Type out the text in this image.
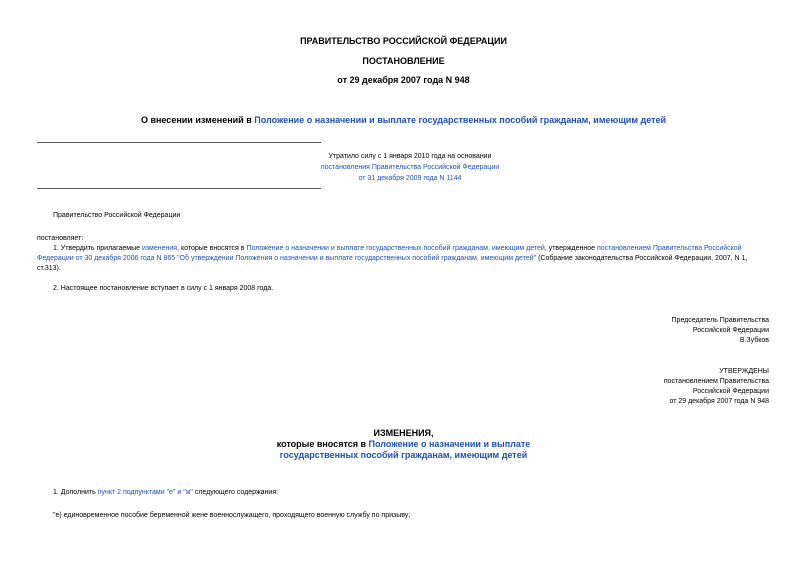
ПРАВИТЕЛЬСТВО РОССИЙСКОЙ ФЕДЕРАЦИИ
ПОСТАНОВЛЕНИЕ
от 29 декабря 2007 года N 948
О внесении изменений в Положение о назначении и выплате государственных пособий гражданам, имеющим детей
Утратило силу с 1 января 2010 года на основании
постановления Правительства Российской Федерации
от 31 декабря 2009 года N 1144
Правительство Российской Федерации
постановляет:
1. Утвердить прилагаемые изменения, которые вносятся в Положение о назначении и выплате государственных пособий гражданам, имеющим детей, утвержденное постановлением Правительства Российской
Федерации от 30 декабря 2006 года N 865 "Об утверждении Положения о назначении и выплате государственных пособий гражданам, имеющим детей" (Собрание законодательства Российской Федерации, 2007, N 1,
ст.313).
2. Настоящее постановление вступает в силу с 1 января 2008 года.
Председатель Правительства
Российской Федерации
В.Зубков
УТВЕРЖДЕНЫ
постановлением Правительства
Российской Федерации
от 29 декабря 2007 года N 948
ИЗМЕНЕНИЯ,
которые вносятся в Положение о назначении и выплате
государственных пособий гражданам, имеющим детей
1. Дополнить пункт 2 подпунктами "е" и "ж" следующего содержания:
"е) единовременное пособие беременной жене военнослужащего, проходящего военную службу по призыву;
